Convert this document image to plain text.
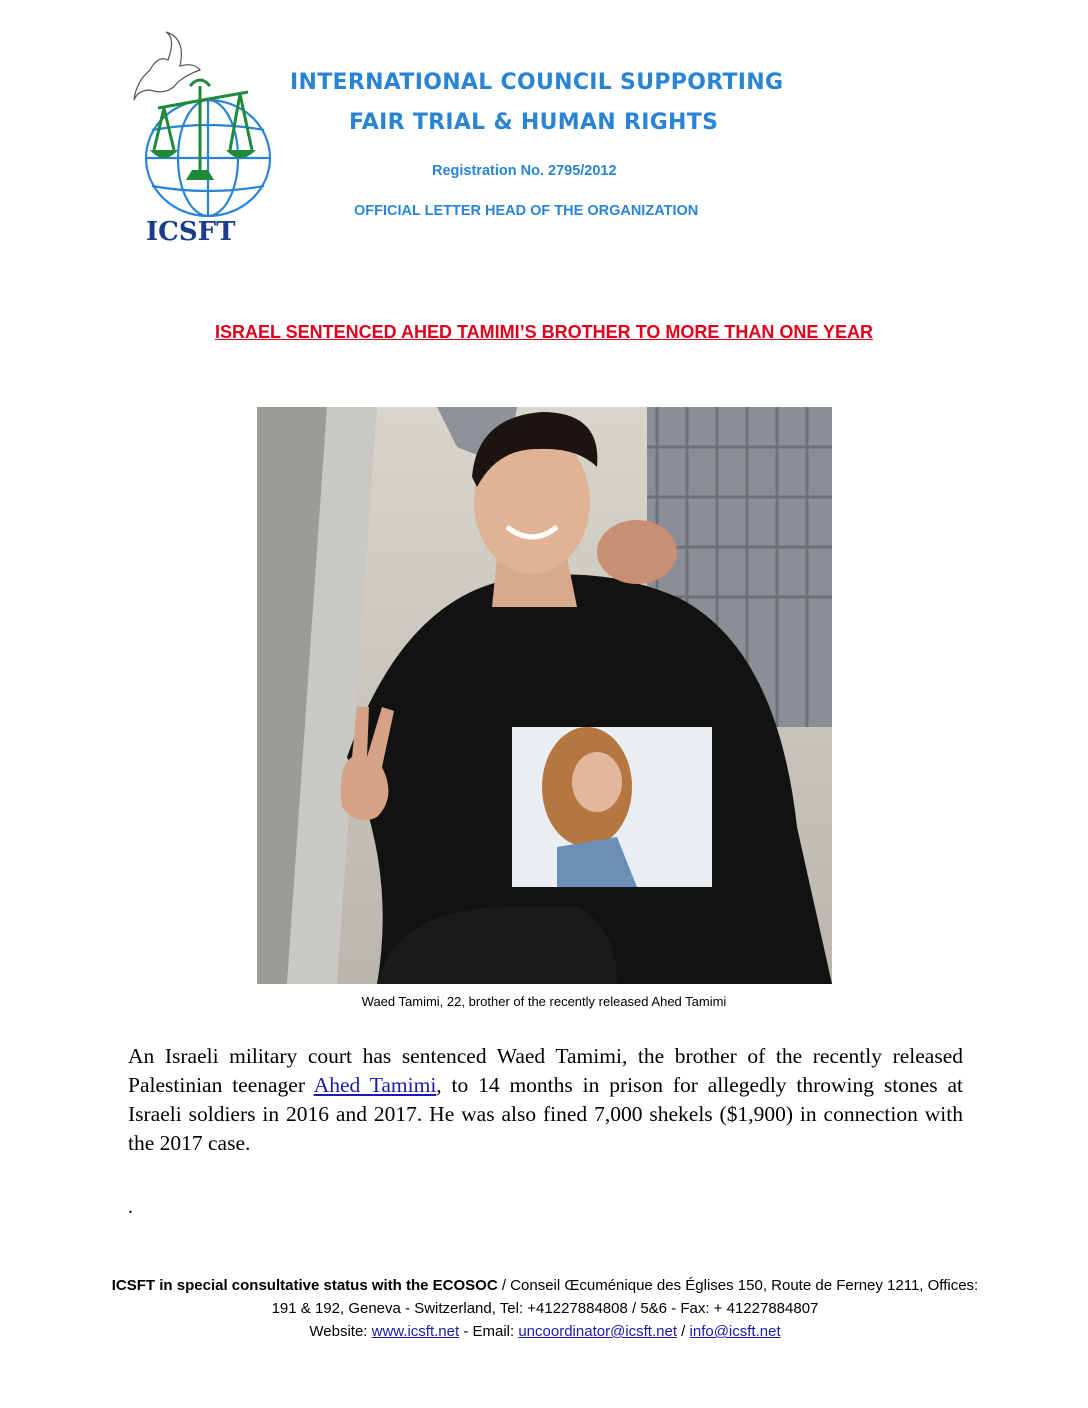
ICSFT
INTERNATIONAL COUNCIL SUPPORTING
FAIR TRIAL & HUMAN RIGHTS
Registration No. 2795/2012
OFFICIAL LETTER HEAD OF THE ORGANIZATION
ISRAEL SENTENCED AHED TAMIMI’S BROTHER TO MORE THAN ONE YEAR
Waed Tamimi, 22, brother of the recently released Ahed Tamimi
An Israeli military court has sentenced Waed Tamimi, the brother of the recently released Palestinian teenager Ahed Tamimi, to 14 months in prison for allegedly throwing stones at Israeli soldiers in 2016 and 2017. He was also fined 7,000 shekels ($1,900) in connection with the 2017 case.
.
ICSFT in special consultative status with the ECOSOC / Conseil Œcuménique des Églises 150, Route de Ferney 1211, Offices: 191 & 192, Geneva - Switzerland, Tel: +41227884808 / 5&6 - Fax: + 41227884807
Website: www.icsft.net - Email: uncoordinator@icsft.net / info@icsft.net
